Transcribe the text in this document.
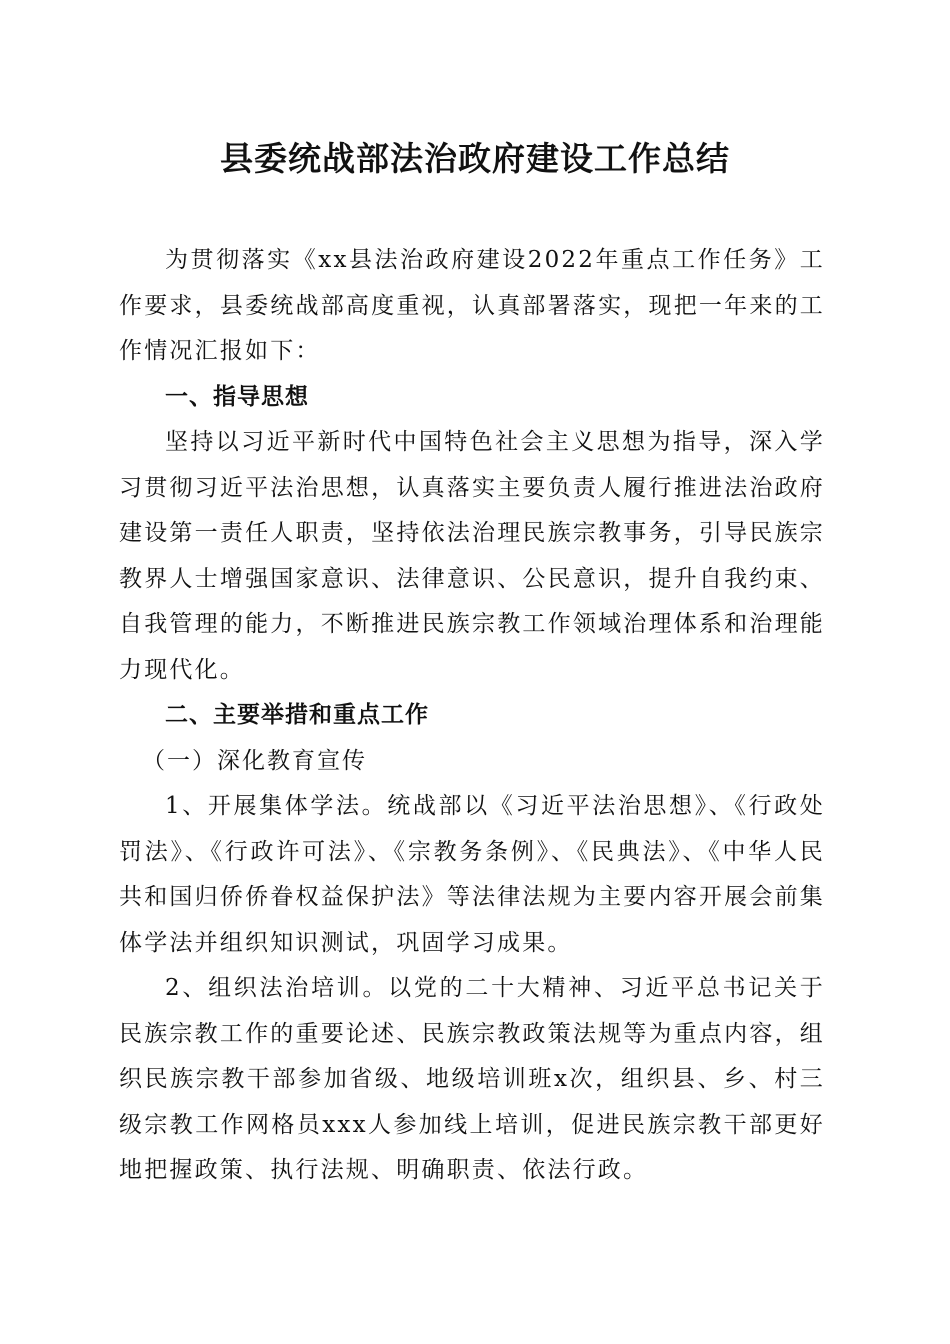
县委统战部法治政府建设工作总结

为贯彻落实《xx县法治政府建设2022年重点工作任务》工作要求，县委统战部高度重视，认真部署落实，现把一年来的工作情况汇报如下：

一、指导思想

坚持以习近平新时代中国特色社会主义思想为指导，深入学习贯彻习近平法治思想，认真落实主要负责人履行推进法治政府建设第一责任人职责，坚持依法治理民族宗教事务，引导民族宗教界人士增强国家意识、法律意识、公民意识，提升自我约束、自我管理的能力，不断推进民族宗教工作领域治理体系和治理能力现代化。

二、主要举措和重点工作

（一）深化教育宣传

1、开展集体学法。统战部以《习近平法治思想》、《行政处罚法》、《行政许可法》、《宗教务条例》、《民典法》、《中华人民共和国归侨侨眷权益保护法》等法律法规为主要内容开展会前集体学法并组织知识测试，巩固学习成果。

2、组织法治培训。以党的二十大精神、习近平总书记关于民族宗教工作的重要论述、民族宗教政策法规等为重点内容，组织民族宗教干部参加省级、地级培训班x次，组织县、乡、村三级宗教工作网格员xxx人参加线上培训，促进民族宗教干部更好地把握政策、执行法规、明确职责、依法行政。
